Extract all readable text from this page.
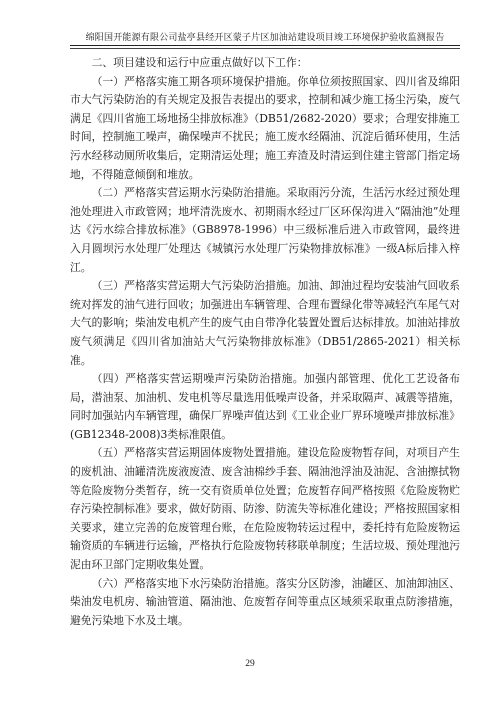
绵阳国开能源有限公司盐亭县经开区蒙子片区加油站建设项目竣工环境保护验收监测报告

二、项目建设和运行中应重点做好以下工作：

（一）严格落实施工期各项环境保护措施。你单位须按照国家、四川省及绵阳市大气污染防治的有关规定及报告表提出的要求，控制和减少施工扬尘污染，废气满足《四川省施工场地扬尘排放标准》（DB51/2682-2020）要求；合理安排施工时间，控制施工噪声，确保噪声不扰民；施工废水经隔油、沉淀后循环使用，生活污水经移动厕所收集后，定期清运处理；施工弃渣及时清运到住建主管部门指定场地，不得随意倾倒和堆放。

（二）严格落实营运期水污染防治措施。采取雨污分流，生活污水经过预处理池处理进入市政管网；地坪清洗废水、初期雨水经过厂区环保沟进入“隔油池”处理达《污水综合排放标准》（GB8978-1996）中三级标准后进入市政管网，最终进入月圆坝污水处理厂处理达《城镇污水处理厂污染物排放标准》一级A标后排入梓江。

（三）严格落实营运期大气污染防治措施。加油、卸油过程均安装油气回收系统对挥发的油气进行回收；加强进出车辆管理、合理布置绿化带等减轻汽车尾气对大气的影响；柴油发电机产生的废气由自带净化装置处置后达标排放。加油站排放废气须满足《四川省加油站大气污染物排放标准》（DB51/2865-2021）相关标准。

（四）严格落实营运期噪声污染防治措施。加强内部管理、优化工艺设备布局，潜油泵、加油机、发电机等尽量选用低噪声设备，并采取隔声、减震等措施，同时加强站内车辆管理，确保厂界噪声值达到《工业企业厂界环境噪声排放标准》(GB12348-2008)3类标准限值。

（五）严格落实营运期固体废物处置措施。建设危险废物暂存间，对项目产生的废机油、油罐清洗废液废渣、废含油棉纱手套、隔油池浮油及油泥、含油擦拭物等危险废物分类暂存，统一交有资质单位处置；危废暂存间严格按照《危险废物贮存污染控制标准》要求，做好防雨、防渗、防流失等标准化建设；严格按照国家相关要求，建立完善的危废管理台账，在危险废物转运过程中，委托持有危险废物运输资质的车辆进行运输，严格执行危险废物转移联单制度；生活垃圾、预处理池污泥由环卫部门定期收集处置。

（六）严格落实地下水污染防治措施。落实分区防渗，油罐区、加油卸油区、柴油发电机房、输油管道、隔油池、危废暂存间等重点区域须采取重点防渗措施，避免污染地下水及土壤。

29
